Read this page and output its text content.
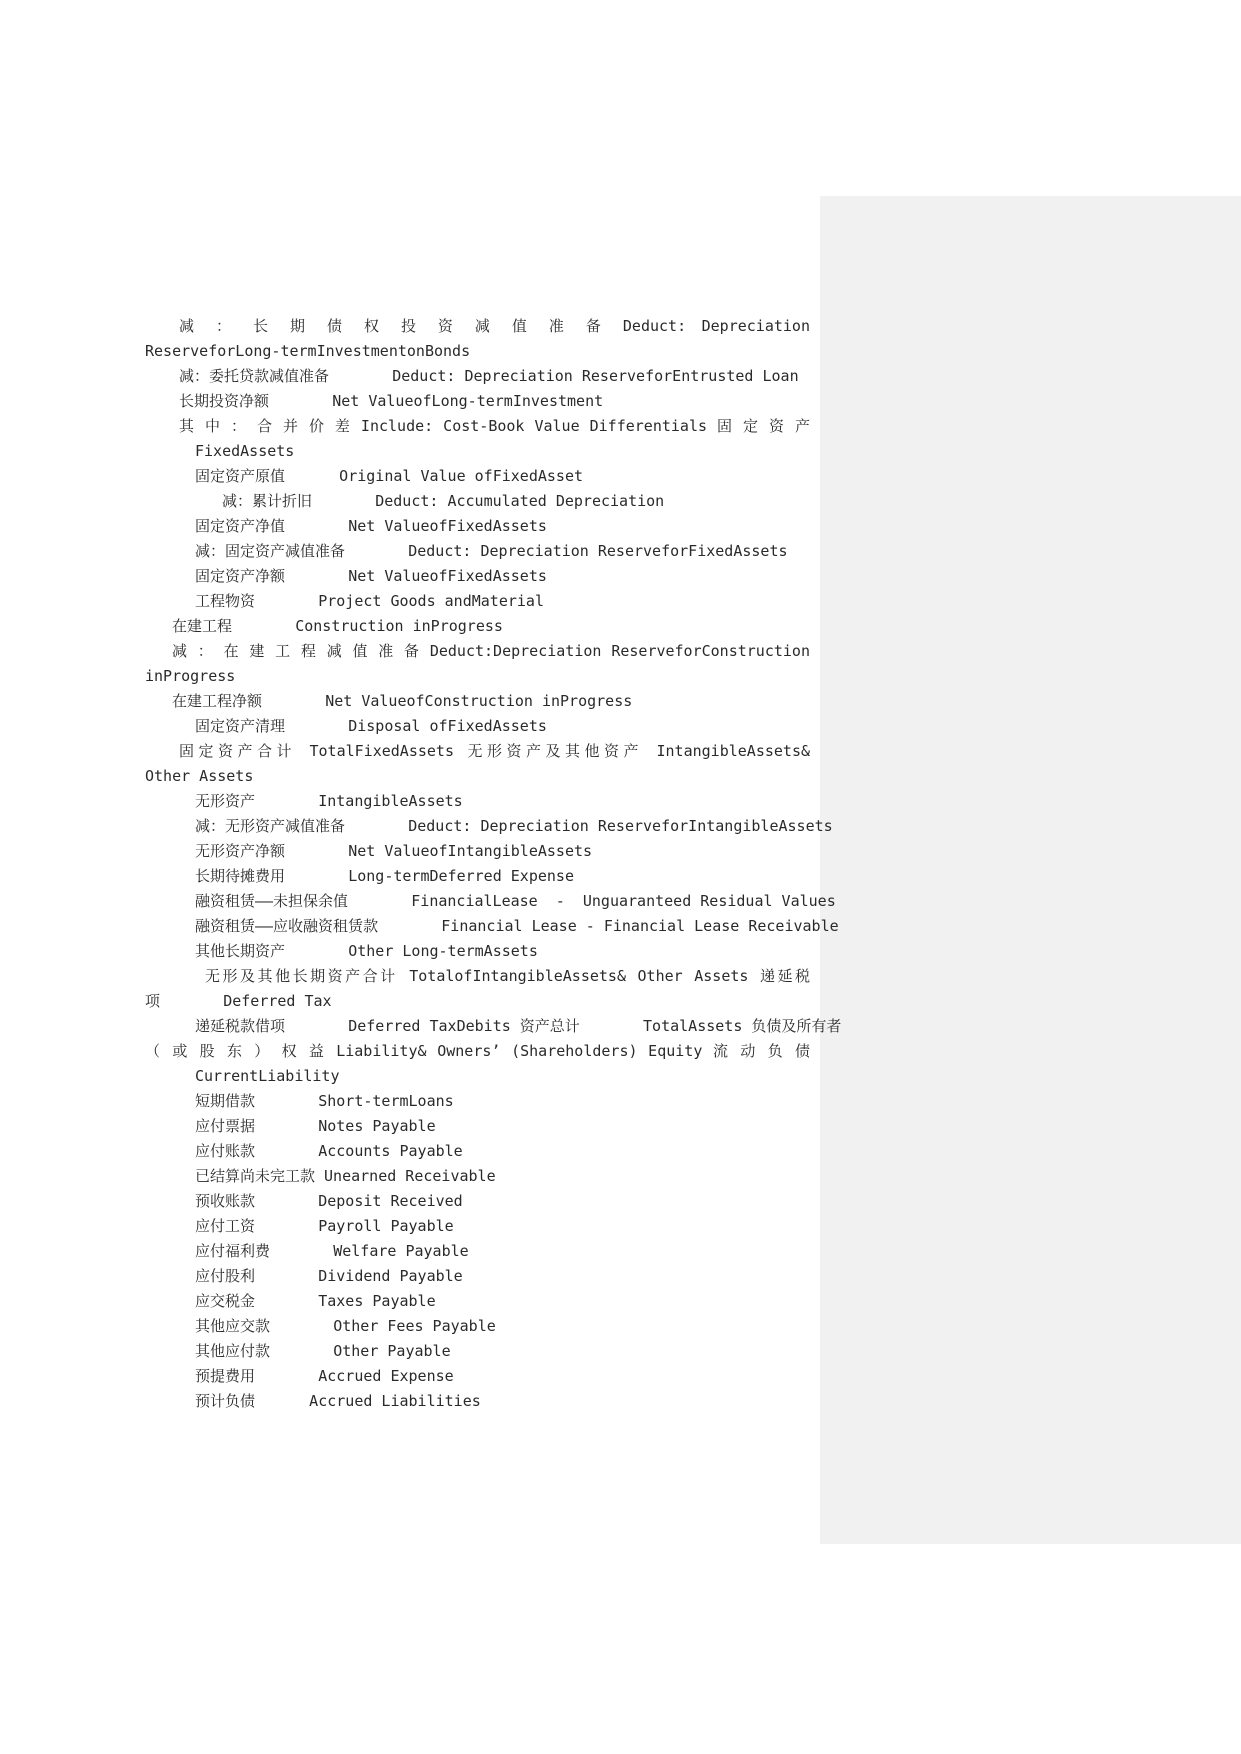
减 ： 长 期 债 权 投 资 减 值 准 备 Deduct: Depreciation
ReserveforLong-termInvestmentonBonds
减：委托贷款减值准备       Deduct: Depreciation ReserveforEntrusted Loan
长期投资净额       Net ValueofLong-termInvestment
其 中 ： 合 并 价 差 Include: Cost-Book Value Differentials 固 定 资 产
FixedAssets
固定资产原值      Original Value ofFixedAsset
减：累计折旧       Deduct: Accumulated Depreciation
固定资产净值       Net ValueofFixedAssets
减：固定资产减值准备       Deduct: Depreciation ReserveforFixedAssets
固定资产净额       Net ValueofFixedAssets
工程物资       Project Goods andMaterial
在建工程       Construction inProgress
减 ： 在 建 工 程 减 值 准 备 Deduct:Depreciation ReserveforConstruction
inProgress
在建工程净额       Net ValueofConstruction inProgress
固定资产清理       Disposal ofFixedAssets
固定资产合计 TotalFixedAssets 无形资产及其他资产 IntangibleAssets&
Other Assets
无形资产       IntangibleAssets
减：无形资产减值准备       Deduct: Depreciation ReserveforIntangibleAssets
无形资产净额       Net ValueofIntangibleAssets
长期待摊费用       Long-termDeferred Expense
融资租赁——未担保余值       FinancialLease  -  Unguaranteed Residual Values
融资租赁——应收融资租赁款       Financial Lease - Financial Lease Receivable
其他长期资产       Other Long-termAssets
无形及其他长期资产合计 TotalofIntangibleAssets& Other Assets 递延税
项       Deferred Tax
递延税款借项       Deferred TaxDebits 资产总计       TotalAssets 负债及所有者
（ 或 股 东 ） 权 益 Liability& Owners’ (Shareholders) Equity 流 动 负 债
CurrentLiability
短期借款       Short-termLoans
应付票据       Notes Payable
应付账款       Accounts Payable
已结算尚未完工款 Unearned Receivable
预收账款       Deposit Received
应付工资       Payroll Payable
应付福利费       Welfare Payable
应付股利       Dividend Payable
应交税金       Taxes Payable
其他应交款       Other Fees Payable
其他应付款       Other Payable
预提费用       Accrued Expense
预计负债      Accrued Liabilities
